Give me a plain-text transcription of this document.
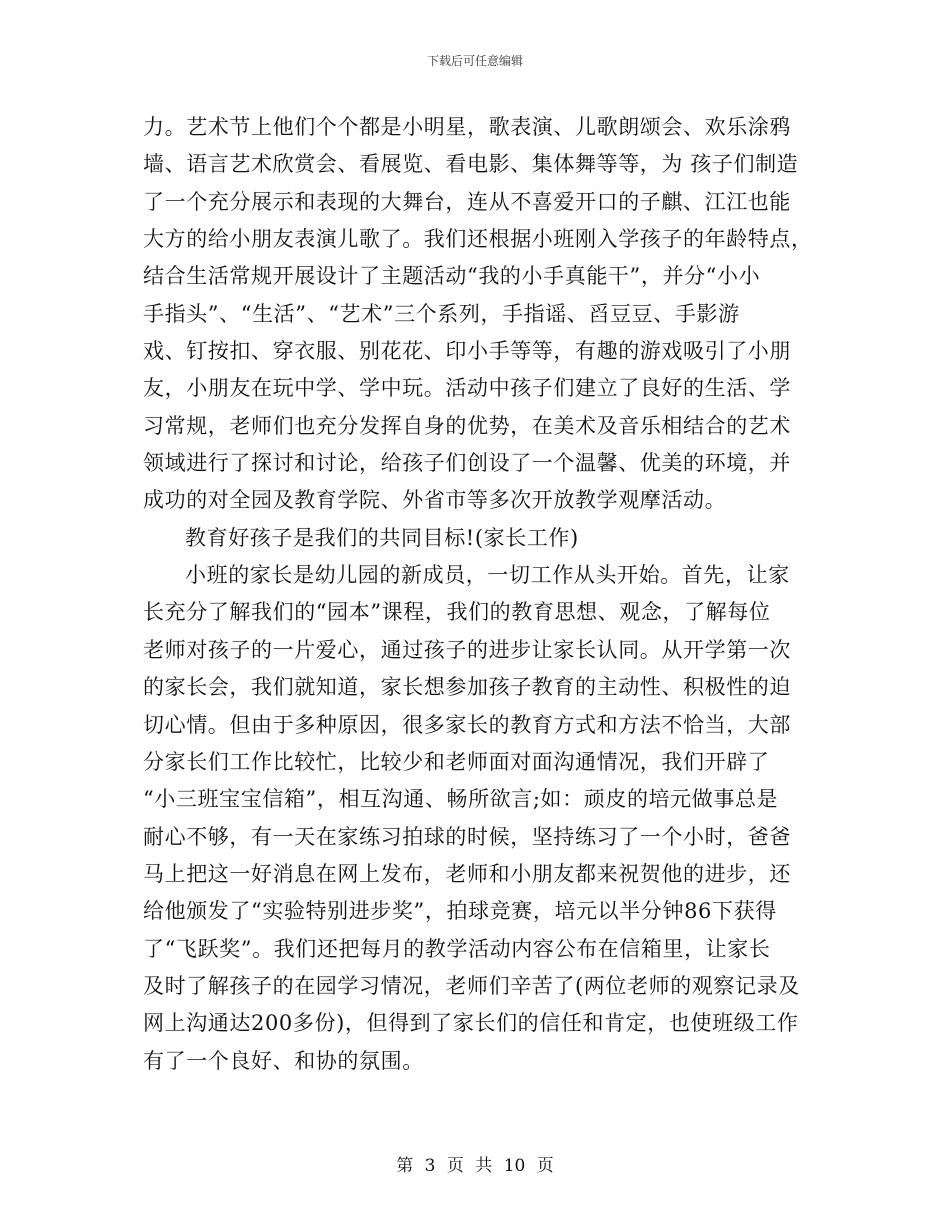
下载后可任意编辑
力。艺术节上他们个个都是小明星，歌表演、儿歌朗颂会、欢乐涂鸦
墙、语言艺术欣赏会、看展览、看电影、集体舞等等，为 孩子们制造
了一个充分展示和表现的大舞台，连从不喜爱开口的子麒、江江也能
大方的给小朋友表演儿歌了。我们还根据小班刚入学孩子的年龄特点，
结合生活常规开展设计了主题活动“我的小手真能干”，并分“小小
手指头”、“生活”、“艺术”三个系列，手指谣、舀豆豆、手影游
戏、钉按扣、穿衣服、别花花、印小手等等，有趣的游戏吸引了小朋
友，小朋友在玩中学、学中玩。活动中孩子们建立了良好的生活、学
习常规，老师们也充分发挥自身的优势，在美术及音乐相结合的艺术
领域进行了探讨和讨论，给孩子们创设了一个温馨、优美的环境，并
成功的对全园及教育学院、外省市等多次开放教学观摩活动。
教育好孩子是我们的共同目标!(家长工作)
小班的家长是幼儿园的新成员，一切工作从头开始。首先，让家
长充分了解我们的“园本”课程，我们的教育思想、观念，了解每位
老师对孩子的一片爱心，通过孩子的进步让家长认同。从开学第一次
的家长会，我们就知道，家长想参加孩子教育的主动性、积极性的迫
切心情。但由于多种原因，很多家长的教育方式和方法不恰当，大部
分家长们工作比较忙，比较少和老师面对面沟通情况，我们开辟了
“小三班宝宝信箱”，相互沟通、畅所欲言;如：顽皮的培元做事总是
耐心不够，有一天在家练习拍球的时候，坚持练习了一个小时，爸爸
马上把这一好消息在网上发布，老师和小朋友都来祝贺他的进步，还
给他颁发了“实验特别进步奖”，拍球竞赛，培元以半分钟86下获得
了“飞跃奖”。我们还把每月的教学活动内容公布在信箱里，让家长
及时了解孩子的在园学习情况，老师们辛苦了(两位老师的观察记录及
网上沟通达200多份)，但得到了家长们的信任和肯定，也使班级工作
有了一个良好、和协的氛围。
第 3 页 共 10 页
